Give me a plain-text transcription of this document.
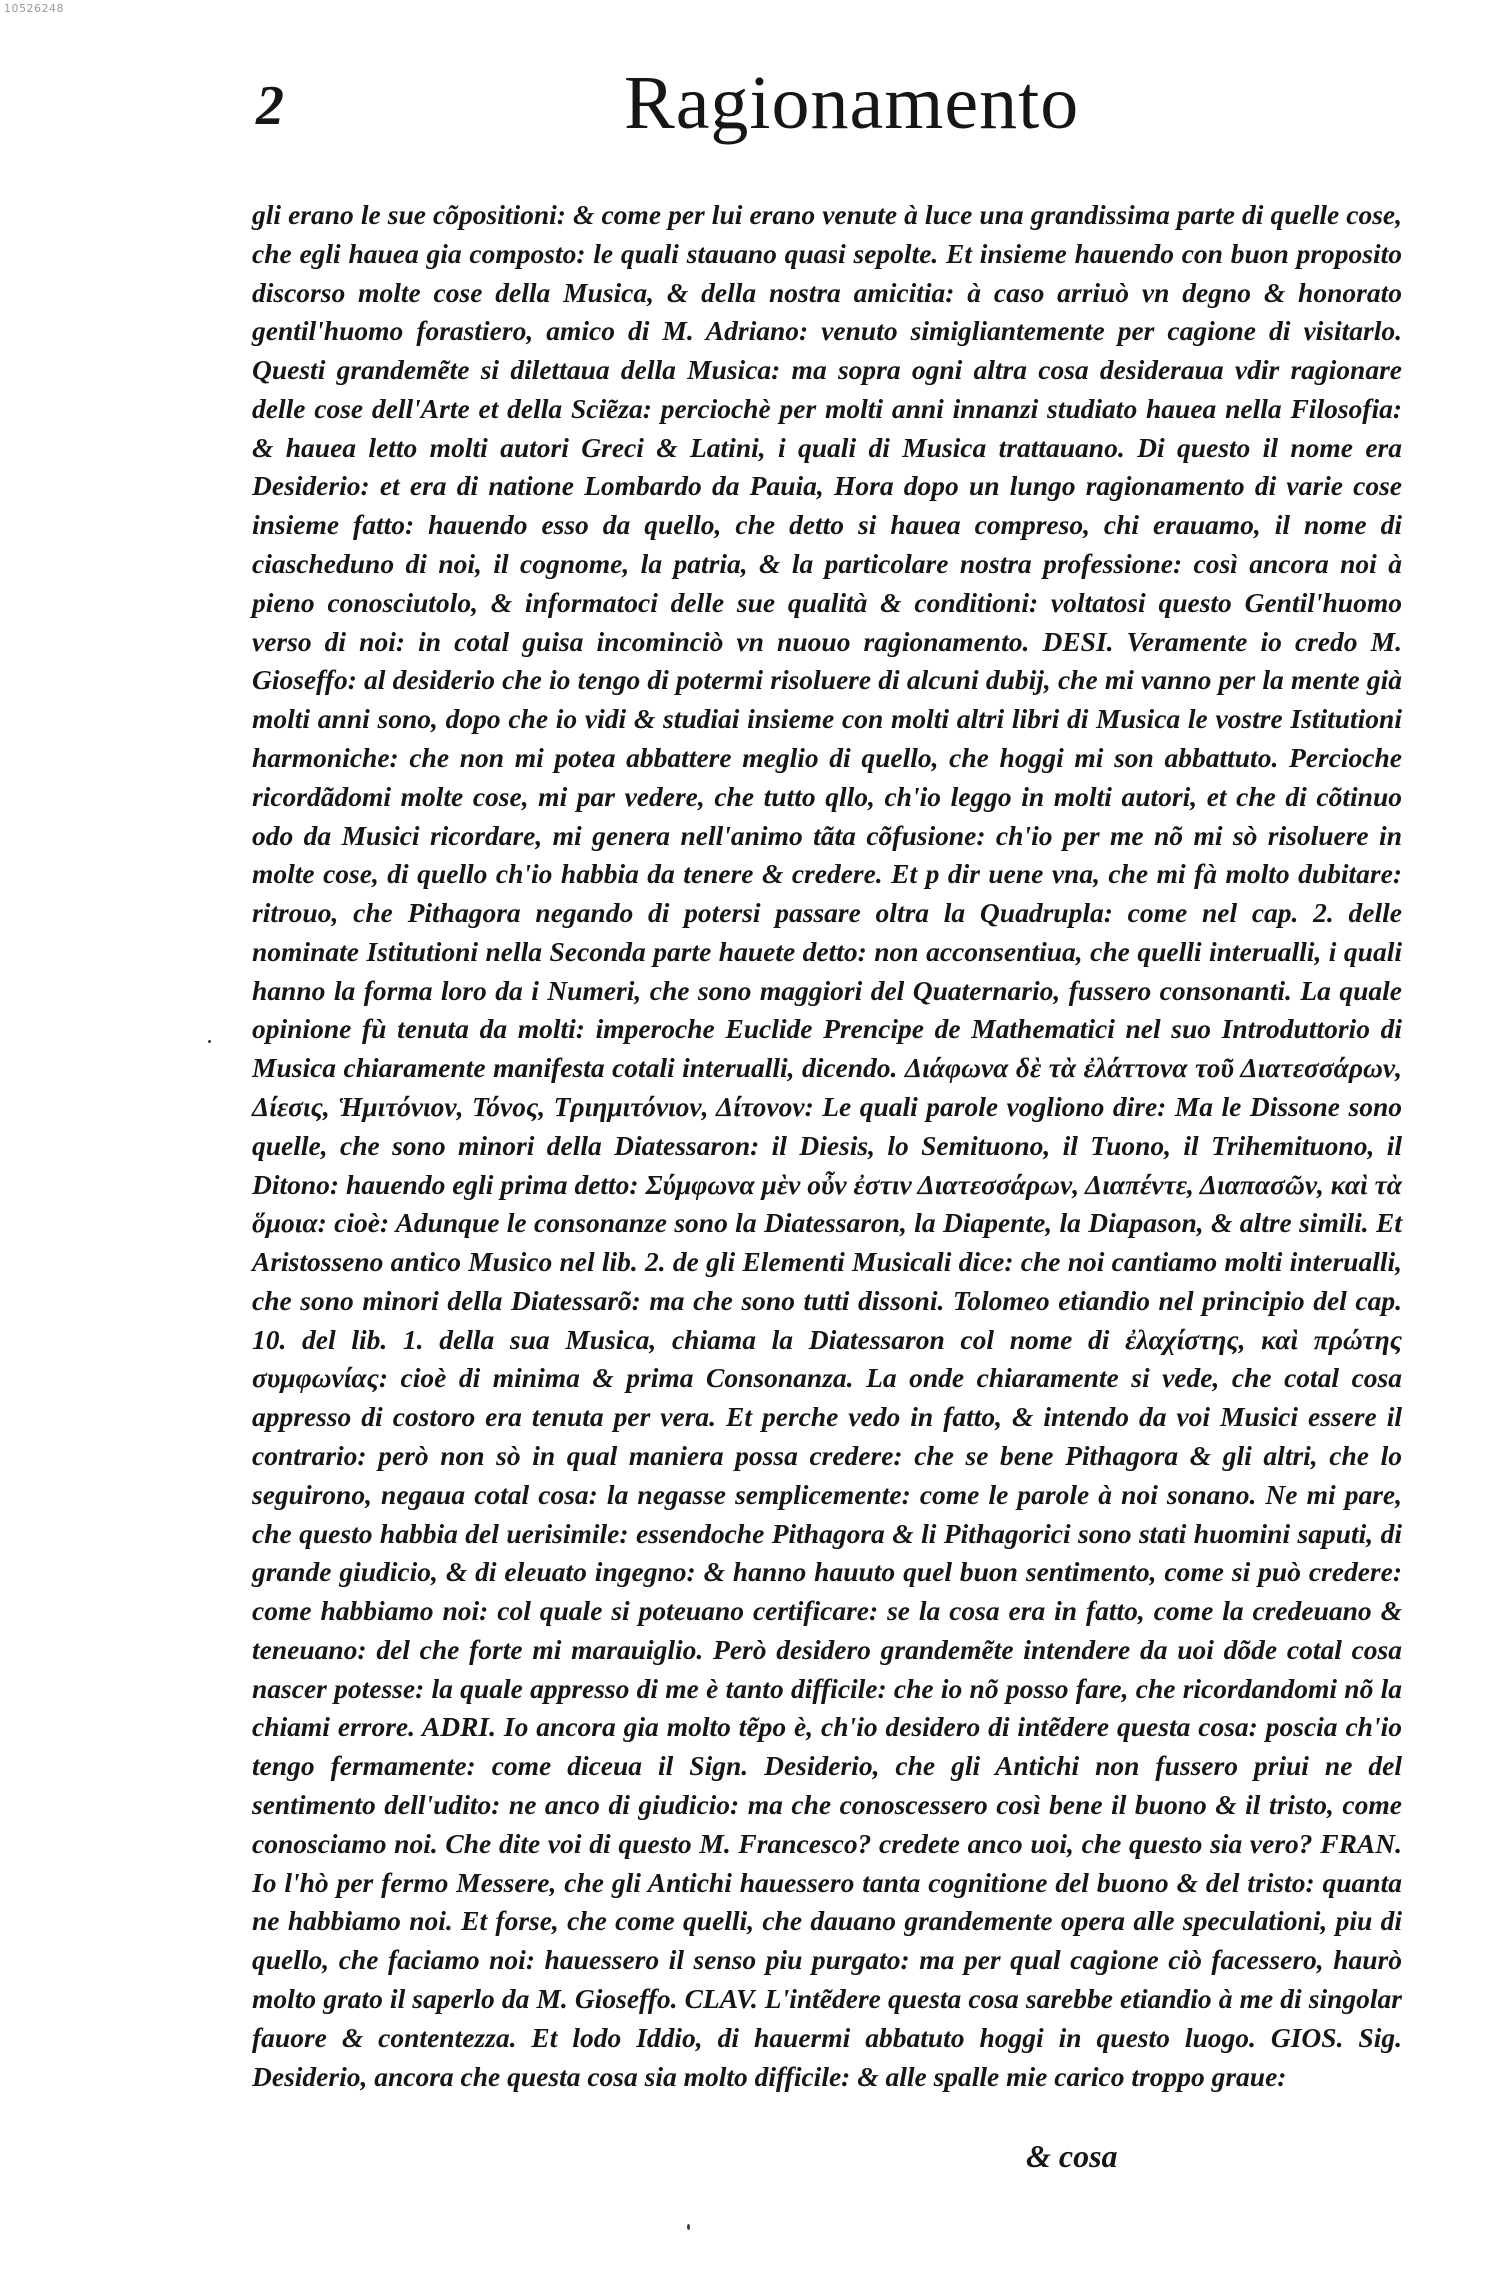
10526248
2	Ragionamento
gli erano le sue cõpositioni: & come per lui erano venute à luce una grandissima parte di quelle cose, che egli hauea gia composto: le quali stauano quasi sepolte. Et insieme hauendo con buon proposito discorso molte cose della Musica, & della nostra amicitia: à caso arriuò vn degno & honorato gentil'huomo forastiero, amico di M. Adriano: venuto simigliantemente per cagione di visitarlo. Questi grandemẽte si dilettaua della Musica: ma sopra ogni altra cosa desideraua vdir ragionare delle cose dell'Arte et della Scie͂za: perciochè per molti anni innanzi studiato hauea nella Filosofia: & hauea letto molti autori Greci & Latini, i quali di Musica trattauano. Di questo il nome era Desiderio: et era di natione Lombardo da Pauia, Hora dopo un lungo ragionamento di varie cose insieme fatto: hauendo esso da quello, che detto si hauea compreso, chi erauamo, il nome di ciascheduno di noi, il cognome, la patria, & la particolare nostra professione: così ancora noi à pieno conosciutolo, & informatoci delle sue qualità & conditioni: voltatosi questo Gentil'huomo verso di noi: in cotal guisa incominciò vn nuouo ragionamento. DESI. Veramente io credo M. Gioseffo: al desiderio che io tengo di potermi risoluere di alcuni dubij, che mi vanno per la mente già molti anni sono, dopo che io vidi & studiai insieme con molti altri libri di Musica le vostre Istitutioni harmoniche: che non mi potea abbattere meglio di quello, che hoggi mi son abbattuto. Percioche ricordãdomi molte cose, mi par vedere, che tutto qllo, ch'io leggo in molti autori, et che di cõtinuo odo da Musici ricordare, mi genera nell'animo tãta cõfusione: ch'io per me nõ mi sò risoluere in molte cose, di quello ch'io habbia da tenere & credere. Et p dir uene vna, che mi fà molto dubitare: ritrouo, che Pithagora negando di potersi passare oltra la Quadrupla: come nel cap. 2. delle nominate Istitutioni nella Seconda parte hauete detto: non acconsentiua, che quelli interualli, i quali hanno la forma loro da i Numeri, che sono maggiori del Quaternario, fussero consonanti. La quale opinione fù tenuta da molti: imperoche Euclide Prencipe de Mathematici nel suo Introduttorio di Musica chiaramente manifesta cotali interualli, dicendo. Διάφωνα δὲ τὰ ἐλάττονα τοῦ Διατεσσάρων, Δίεσις, Ἡμιτόνιον, Τόνος, Τριημιτόνιον, Δίτονον: Le quali parole vogliono dire: Ma le Dissone sono quelle, che sono minori della Diatessaron: il Diesis, lo Semituono, il Tuono, il Trihemituono, il Ditono: hauendo egli prima detto: Σύμφωνα μὲν οὖν ἐστιν Διατεσσάρων, Διαπέντε, Διαπασῶν, καὶ τὰ ὅμοια: cioè: Adunque le consonanze sono la Diatessaron, la Diapente, la Diapason, & altre simili. Et Aristosseno antico Musico nel lib. 2. de gli Elementi Musicali dice: che noi cantiamo molti interualli, che sono minori della Diatessarõ: ma che sono tutti dissoni. Tolomeo etiandio nel principio del cap. 10. del lib. 1. della sua Musica, chiama la Diatessaron col nome di ἐλαχίστης, καὶ πρώτης συμφωνίας: cioè di minima & prima Consonanza. La onde chiaramente si vede, che cotal cosa appresso di costoro era tenuta per vera. Et perche vedo in fatto, & intendo da voi Musici essere il contrario: però non sò in qual maniera possa credere: che se bene Pithagora & gli altri, che lo seguirono, negaua cotal cosa: la negasse semplicemente: come le parole à noi sonano. Ne mi pare, che questo habbia del uerisimile: essendoche Pithagora & li Pithagorici sono stati huomini saputi, di grande giudicio, & di eleuato ingegno: & hanno hauuto quel buon sentimento, come si può credere: come habbiamo noi: col quale si poteuano certificare: se la cosa era in fatto, come la credeuano & teneuano: del che forte mi marauiglio. Però desidero grandemẽte intendere da uoi dõde cotal cosa nascer potesse: la quale appresso di me è tanto difficile: che io nõ posso fare, che ricordandomi nõ la chiami errore. ADRI. Io ancora gia molto tẽpo è, ch'io desidero di intẽdere questa cosa: poscia ch'io tengo fermamente: come diceua il Sign. Desiderio, che gli Antichi non fussero priui ne del sentimento dell'udito: ne anco di giudicio: ma che conoscessero così bene il buono & il tristo, come conosciamo noi. Che dite voi di questo M. Francesco? credete anco uoi, che questo sia vero? FRAN. Io l'hò per fermo Messere, che gli Antichi hauessero tanta cognitione del buono & del tristo: quanta ne habbiamo noi. Et forse, che come quelli, che dauano grandemente opera alle speculationi, piu di quello, che faciamo noi: hauessero il senso piu purgato: ma per qual cagione ciò facessero, haurò molto grato il saperlo da M. Gioseffo. CLAV. L'intẽdere questa cosa sarebbe etiandio à me di singolar fauore & contentezza. Et lodo Iddio, di hauermi abbatuto hoggi in questo luogo. GIOS. Sig. Desiderio, ancora che questa cosa sia molto difficile: & alle spalle mie carico troppo graue:
& cosa
